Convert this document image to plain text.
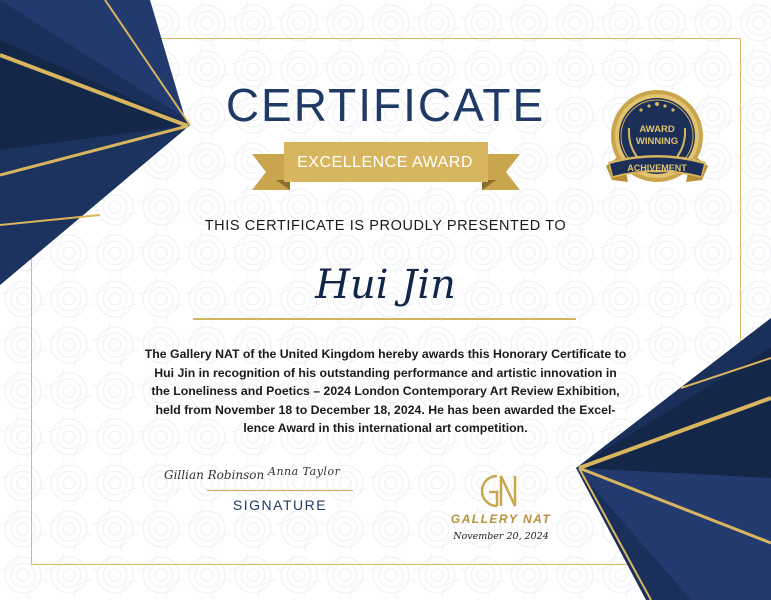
CERTIFICATE
EXCELLENCE AWARD
THIS CERTIFICATE IS PROUDLY PRESENTED TO
Hui Jin
The Gallery NAT of the United Kingdom hereby awards this Honorary Certificate to
Hui Jin in recognition of his outstanding performance and artistic innovation in
the Loneliness and Poetics – 2024 London Contemporary Art Review Exhibition,
held from November 18 to December 18, 2024. He has been awarded the Excel-
lence Award in this international art competition.
Gillian Robinson Anna Taylor
SIGNATURE
GALLERY NAT
November 20, 2024
AWARD
WINNING
ACHIVEMENT
